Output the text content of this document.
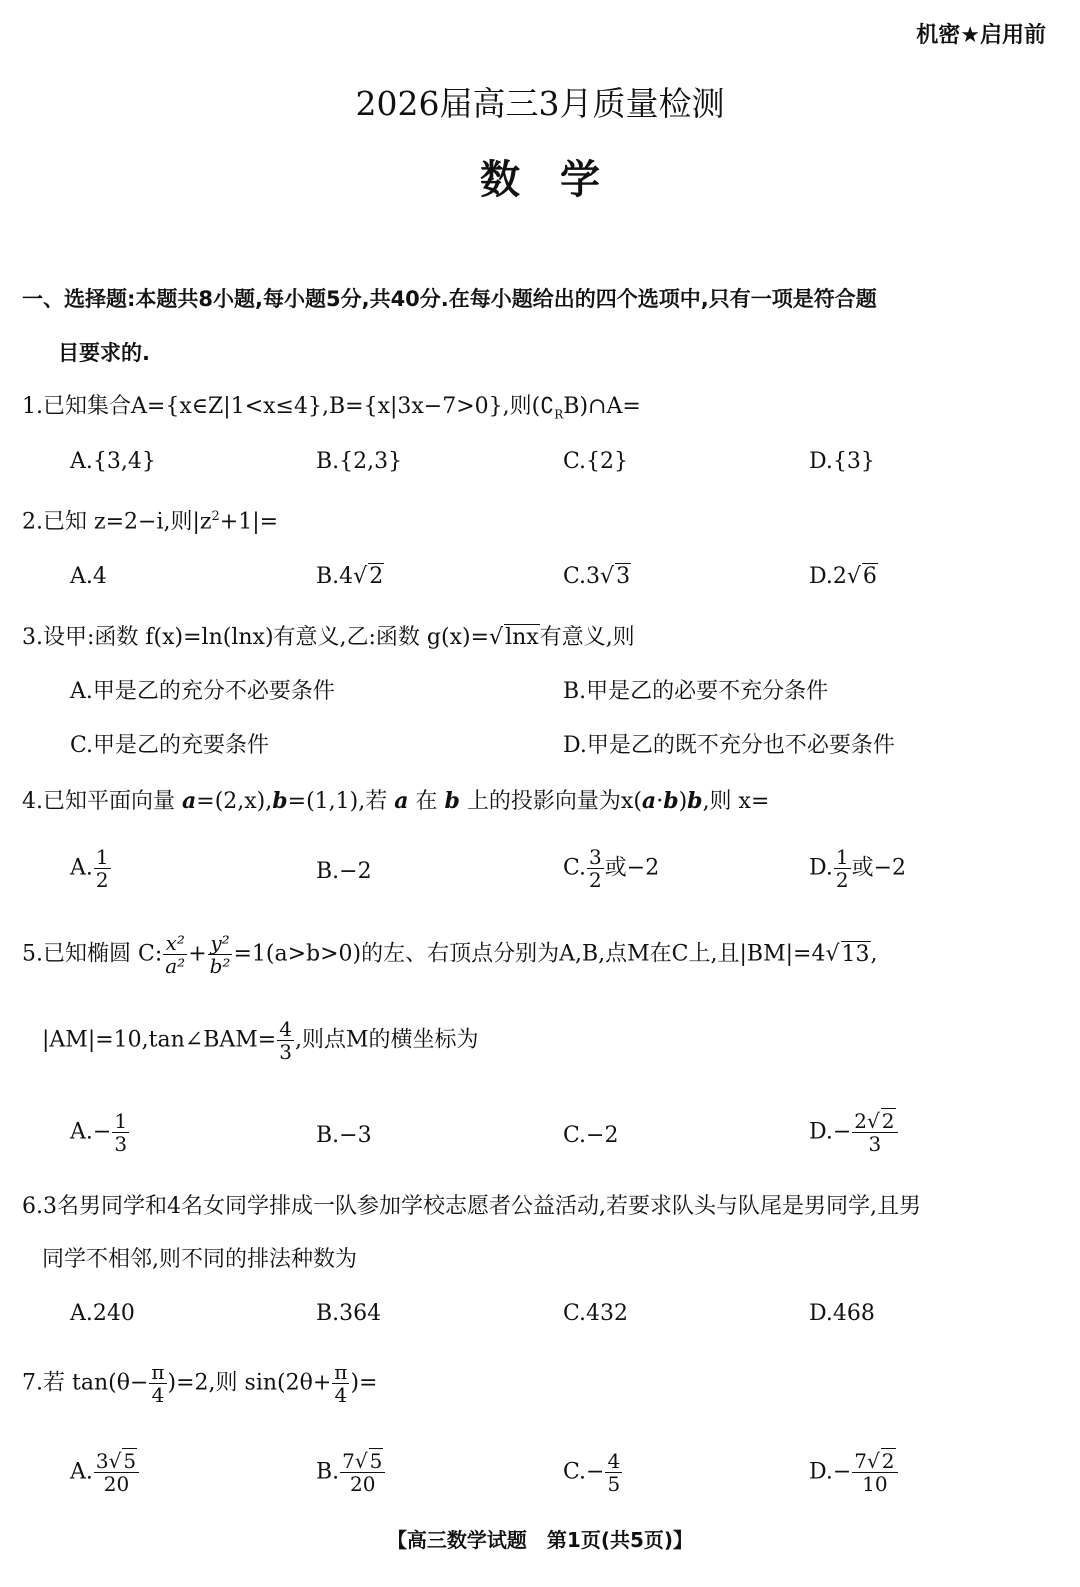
机密★启用前
2026届高三3月质量检测
数　学
一、选择题:本题共8小题,每小题5分,共40分.在每小题给出的四个选项中,只有一项是符合题
目要求的.
1.已知集合A={x∈Z|1<x≤4},B={x|3x−7>0},则$(∁_RB)\cap A=$
A.{3,4}	B.{2,3}	C.{2}	D.{3}
2.已知 z=2−i,则$|z^2+1|=$
A.4	B.4√2	C.3√3	D.2√6
3.设甲:函数 f(x)=ln(lnx)有意义,乙:函数 g(x)=√lnx有意义,则
A.甲是乙的充分不必要条件	B.甲是乙的必要不充分条件
C.甲是乙的充要条件	D.甲是乙的既不充分也不必要条件
4.已知平面向量 a=(2,x),b=(1,1),若 a 在 b 上的投影向量为x(a·b)b,则 x=
A. $\frac{1}{2}$	B.−2	C. $\frac{3}{2}$ 或−2	D. $\frac{1}{2}$ 或−2
5.已知椭圆 C: $\frac{\text{x²}}{\text{a²}} + \frac{\text{y²}}{\text{b²}} =1(a>b>0)$的左、右顶点分别为A,B,点M在C上,且|BM|=4√13,
|AM|=10,tan∠BAM= $\frac{4}{3}$ ,则点M的横坐标为
$A.- \frac{1}{3}$	B.−3	C.−2	$D.- \frac{2√ 2}{3}$
6.3名男同学和4名女同学排成一队参加学校志愿者公益活动,若要求队头与队尾是男同学,且男
同学不相邻,则不同的排法种数为
A.240	B.364	C.432	D.468
7.若 $\tan(\theta- \frac{\pi}{4} )=2$,则 $\sin(2\theta+ \frac{\pi}{4}$ )=
A. $\frac{3√ 5}{20}$	B. $\frac{7√ 5}{20}$	$C.- \frac{4}{5}$	$D.- \frac{7√ 2}{10}$
【高三数学试题　第1页(共5页)】
